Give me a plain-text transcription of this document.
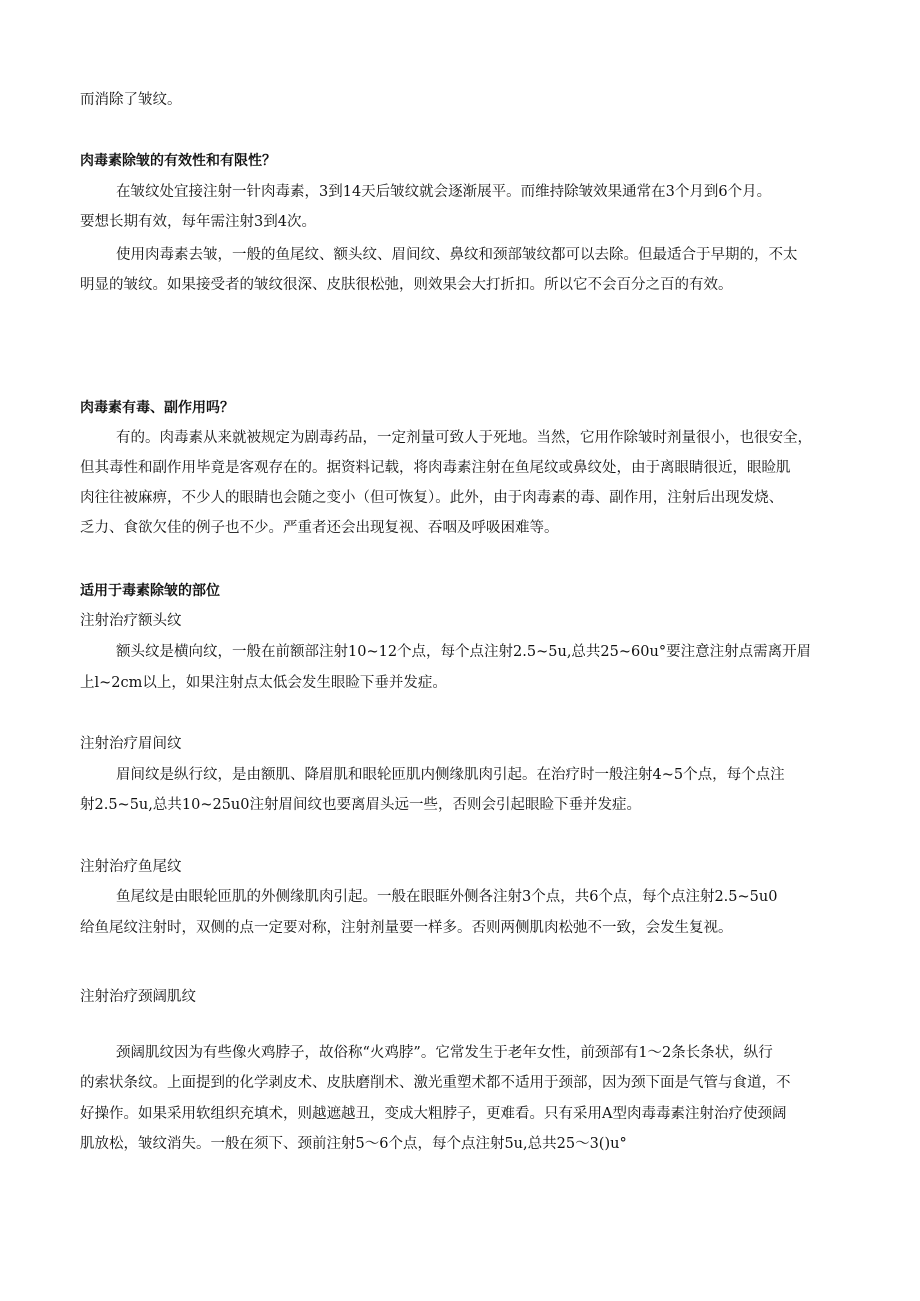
而消除了皱纹。
肉毒素除皱的有效性和有限性？
在皱纹处宜接注射一针肉毒素，3到14天后皱纹就会逐渐展平。而维持除皱效果通常在3个月到6个月。
要想长期有效，每年需注射3到4次。
使用肉毒素去皱，一般的鱼尾纹、额头纹、眉间纹、鼻纹和颈部皱纹都可以去除。但最适合于早期的，不太
明显的皱纹。如果接受者的皱纹很深、皮肤很松弛，则效果会大打折扣。所以它不会百分之百的有效。
肉毒素有毒、副作用吗？
有的。肉毒素从来就被规定为剧毒药品，一定剂量可致人于死地。当然，它用作除皱时剂量很小，也很安全，
但其毒性和副作用毕竟是客观存在的。据资料记载，将肉毒素注射在鱼尾纹或鼻纹处，由于离眼睛很近，眼睑肌
肉往往被麻痹，不少人的眼睛也会随之变小（但可恢复）。此外，由于肉毒素的毒、副作用，注射后出现发烧、
乏力、食欲欠佳的例子也不少。严重者还会出现复视、吞咽及呼吸困难等。
适用于毒素除皱的部位
注射治疗额头纹
额头纹是横向纹，一般在前额部注射10~12个点，每个点注射2.5~5u,总共25~60u°要注意注射点需离开眉
上l~2cm以上，如果注射点太低会发生眼睑下垂并发症。
注射治疗眉间纹
眉间纹是纵行纹，是由额肌、降眉肌和眼轮匝肌内侧缘肌肉引起。在治疗时一般注射4~5个点，每个点注
射2.5~5u,总共10~25u0注射眉间纹也要离眉头远一些，否则会引起眼睑下垂并发症。
注射治疗鱼尾纹
鱼尾纹是由眼轮匝肌的外侧缘肌肉引起。一般在眼眶外侧各注射3个点，共6个点，每个点注射2.5~5u0
给鱼尾纹注射时，双侧的点一定要对称，注射剂量要一样多。否则两侧肌肉松弛不一致，会发生复视。
注射治疗颈阔肌纹
颈阔肌纹因为有些像火鸡脖子，故俗称“火鸡脖”。它常发生于老年女性，前颈部有1～2条长条状，纵行
的索状条纹。上面提到的化学剥皮术、皮肤磨削术、激光重塑术都不适用于颈部，因为颈下面是气管与食道，不
好操作。如果采用软组织充填术，则越遮越丑，变成大粗脖子，更难看。只有采用A型肉毒毒素注射治疗使颈阔
肌放松，皱纹消失。一般在须下、颈前注射5～6个点，每个点注射5u,总共25～3()u°
